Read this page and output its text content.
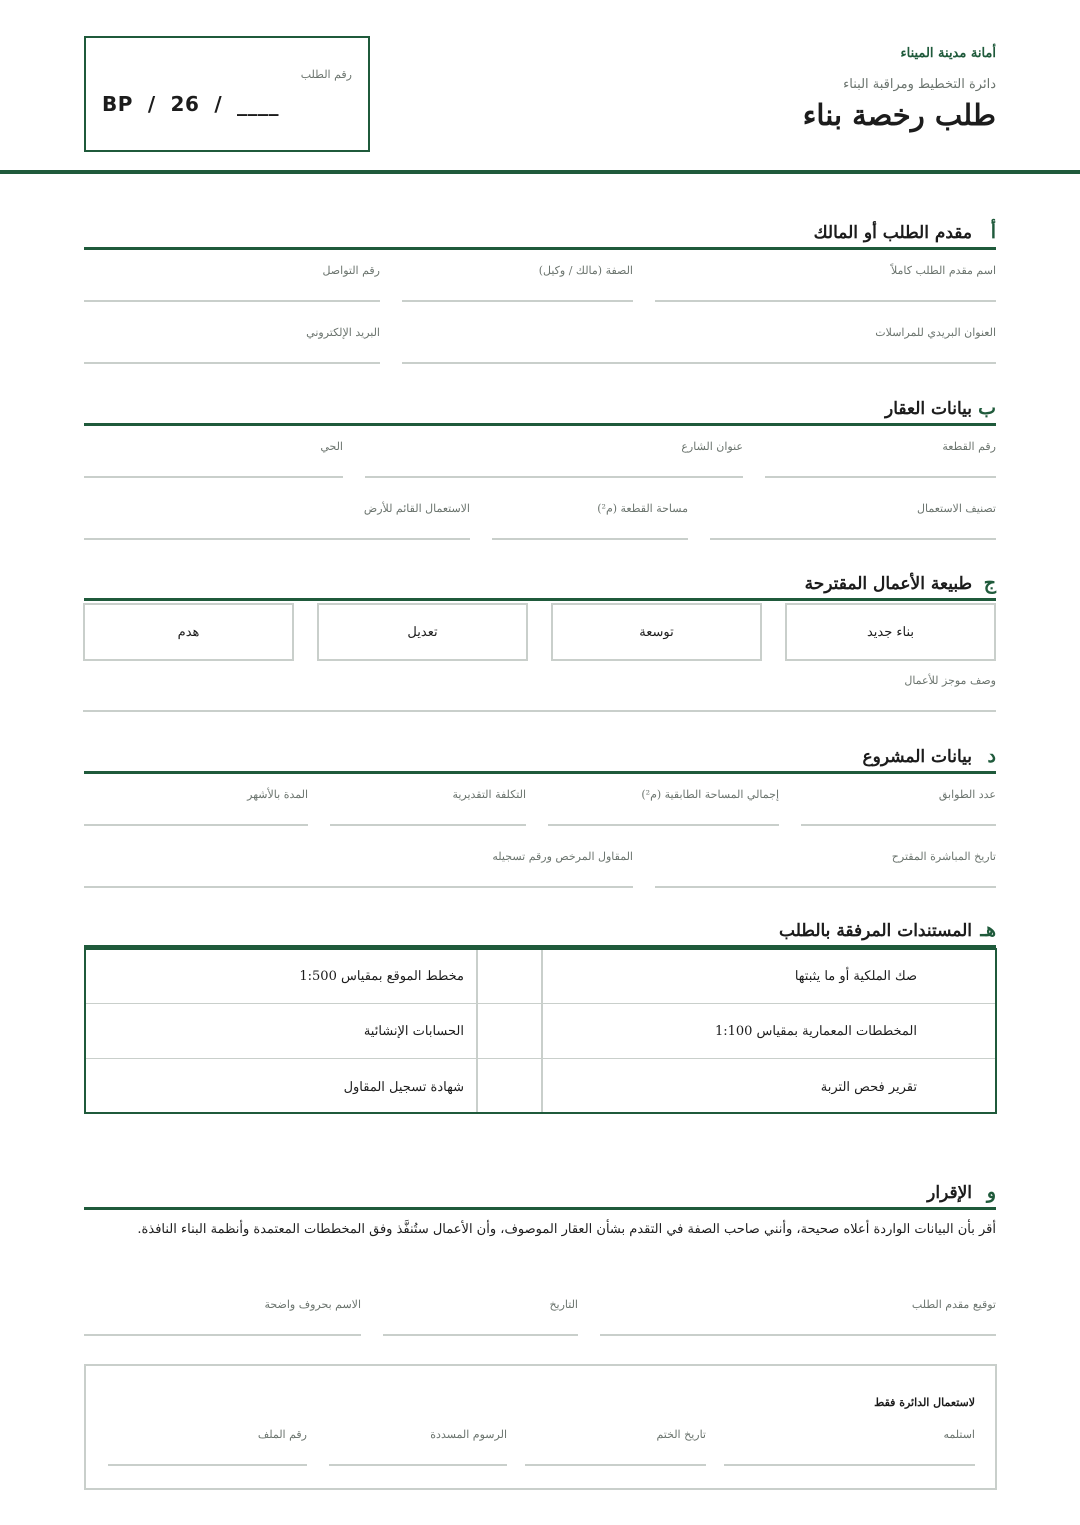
رقم الطلب
BP  /  26  /  ____
أمانة مدينة الميناء
دائرة التخطيط ومراقبة البناء
طلب رخصة بناء
أ
مقدم الطلب أو المالك
اسم مقدم الطلب كاملاً
الصفة (مالك / وكيل)
رقم التواصل
العنوان البريدي للمراسلات
البريد الإلكتروني
ب
بيانات العقار
رقم القطعة
عنوان الشارع
الحي
تصنيف الاستعمال
مساحة القطعة (م²)
الاستعمال القائم للأرض
ج
طبيعة الأعمال المقترحة
بناء جديد
توسعة
تعديل
هدم
وصف موجز للأعمال
د
بيانات المشروع
عدد الطوابق
إجمالي المساحة الطابقية (م²)
التكلفة التقديرية
المدة بالأشهر
تاريخ المباشرة المقترح
المقاول المرخص ورقم تسجيله
هـ
المستندات المرفقة بالطلب
صك الملكية أو ما يثبتها
مخطط الموقع بمقياس 1:500
المخططات المعمارية بمقياس 1:100
الحسابات الإنشائية
تقرير فحص التربة
شهادة تسجيل المقاول
و
الإقرار
أقر بأن البيانات الواردة أعلاه صحيحة، وأنني صاحب الصفة في التقدم بشأن العقار الموصوف، وأن الأعمال ستُنفَّذ وفق المخططات المعتمدة وأنظمة البناء النافذة.
توقيع مقدم الطلب
التاريخ
الاسم بحروف واضحة
لاستعمال الدائرة فقط
استلمه
تاريخ الختم
الرسوم المسددة
رقم الملف
